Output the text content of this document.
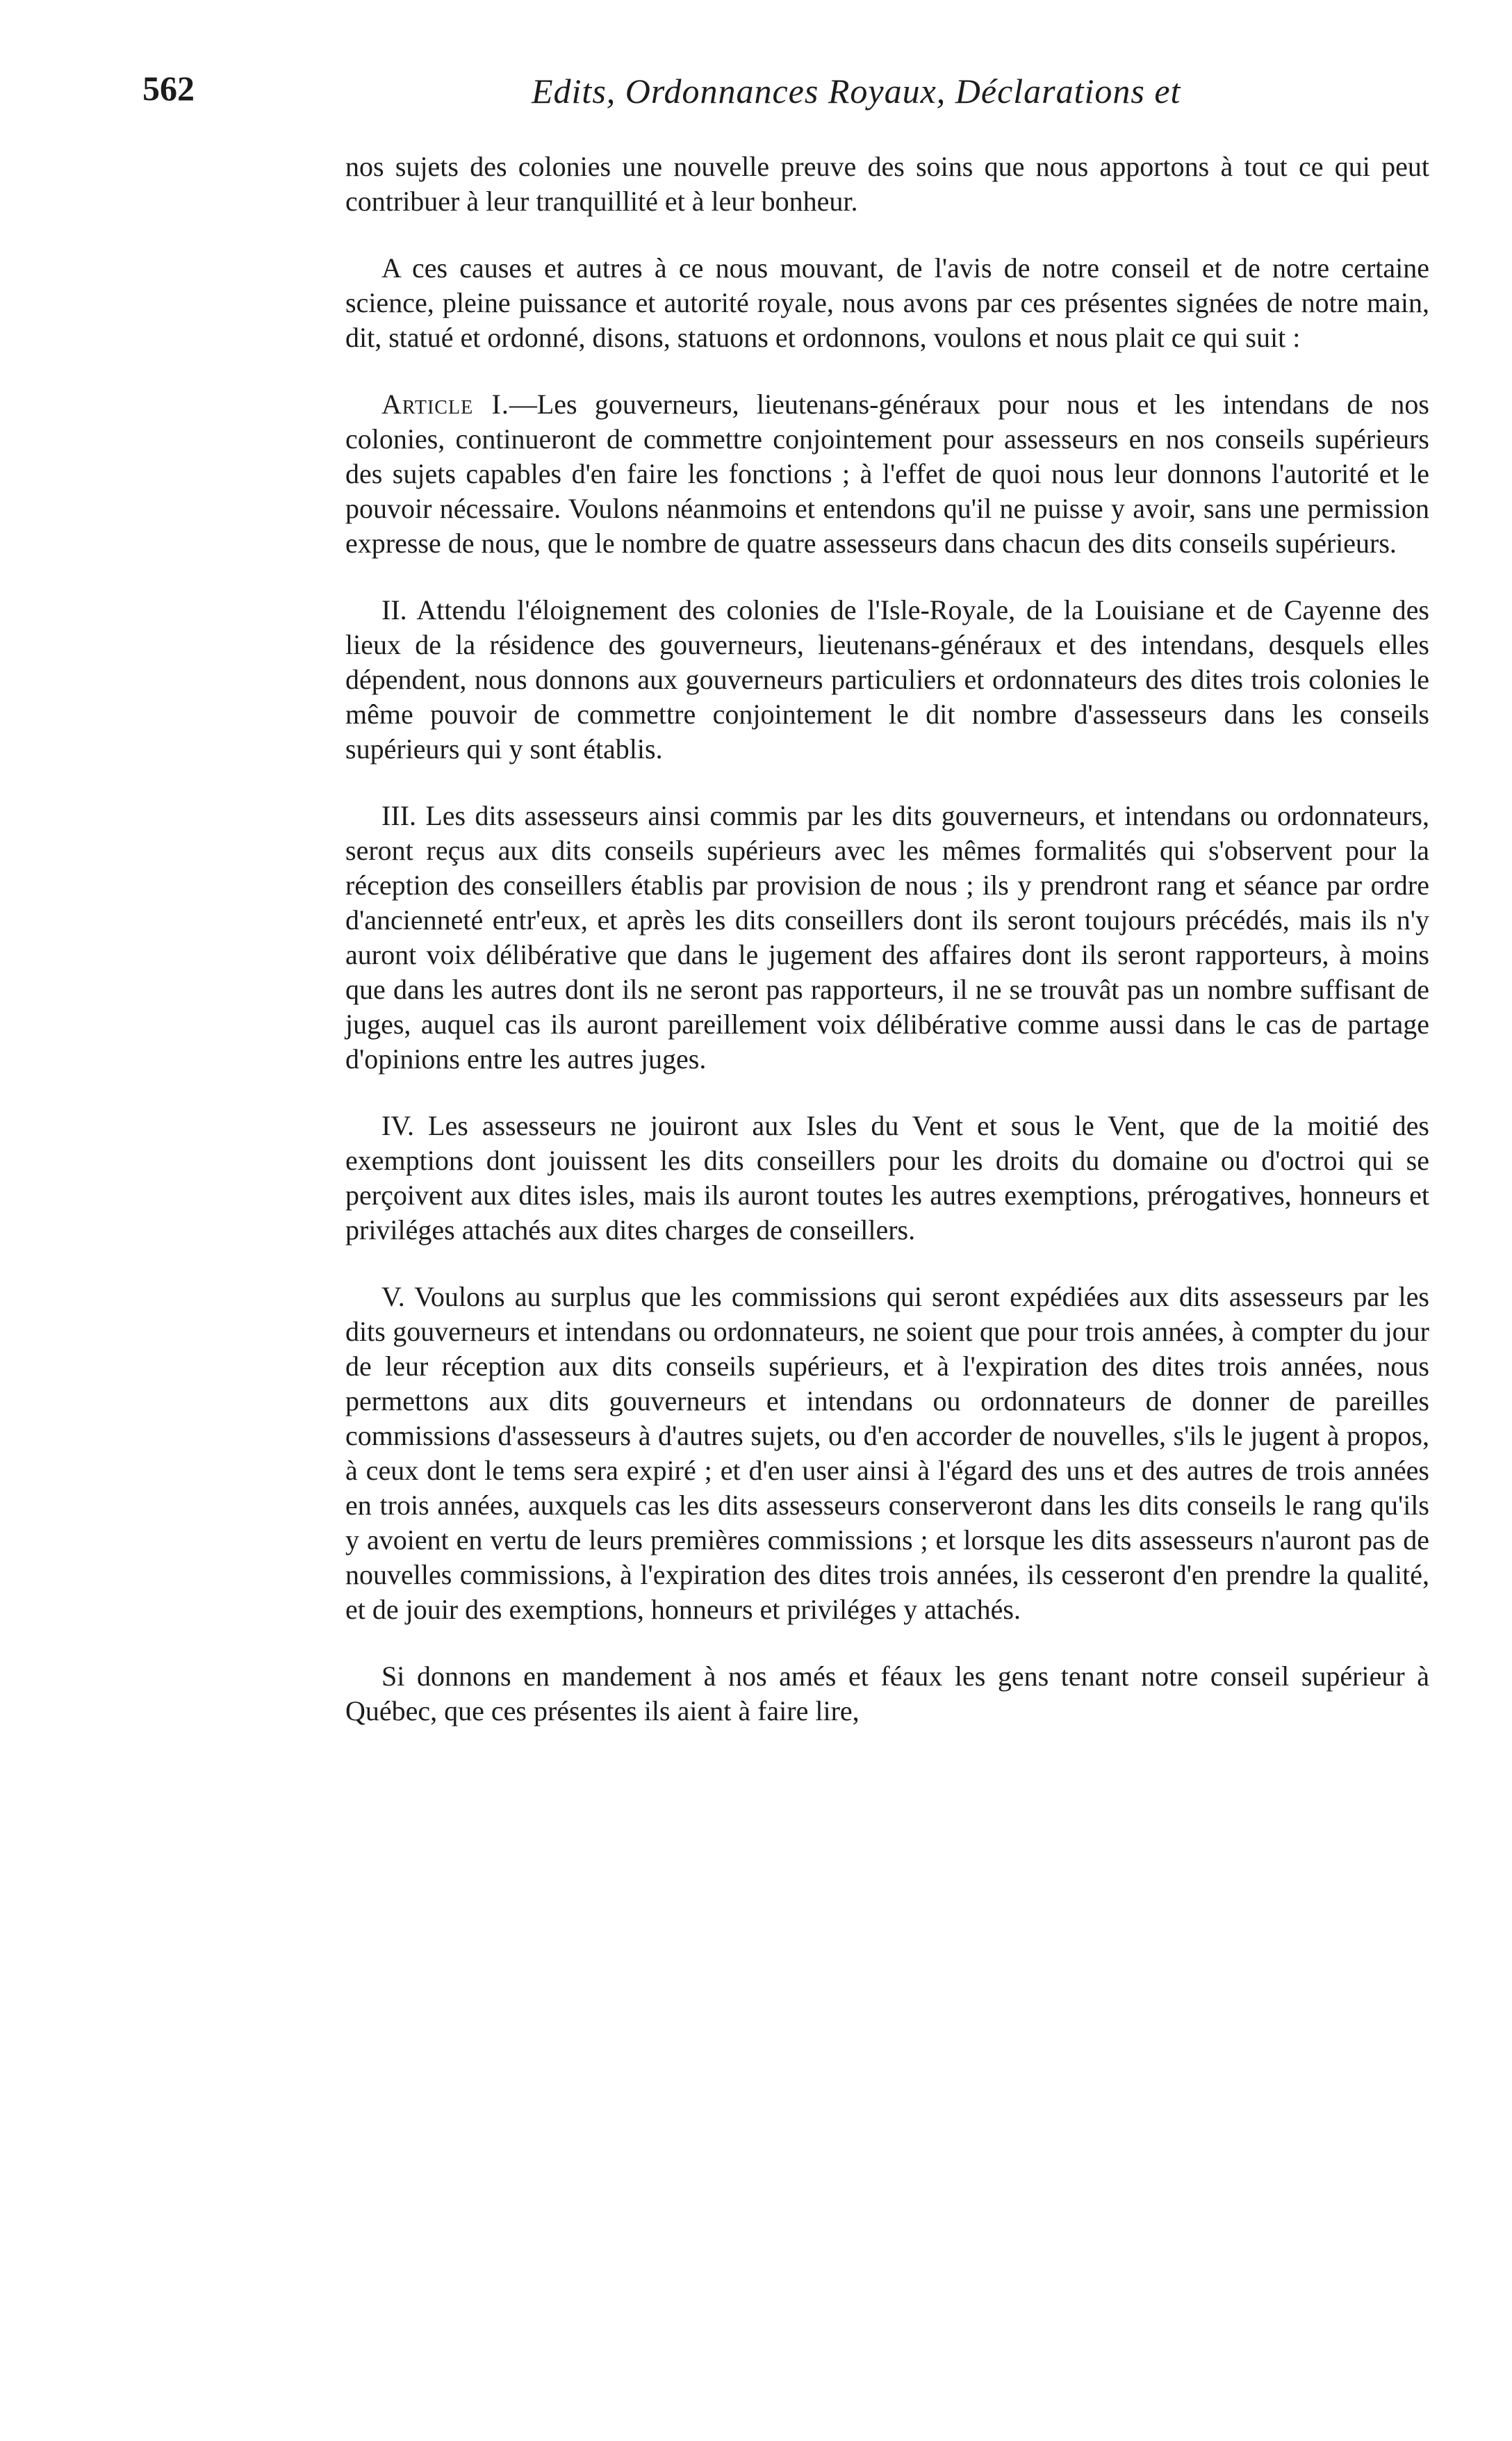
562	Edits, Ordonnances Royaux, Déclarations et

nos sujets des colonies une nouvelle preuve des soins que nous apportons à tout ce qui peut contribuer à leur tranquillité et à leur bonheur.

A ces causes et autres à ce nous mouvant, de l'avis de notre conseil et de notre certaine science, pleine puissance et autorité royale, nous avons par ces présentes signées de notre main, dit, statué et ordonné, disons, statuons et ordonnons, voulons et nous plait ce qui suit :

Article I.—Les gouverneurs, lieutenans-généraux pour nous et les intendans de nos colonies, continueront de commettre conjointement pour assesseurs en nos conseils supérieurs des sujets capables d'en faire les fonctions ; à l'effet de quoi nous leur donnons l'autorité et le pouvoir nécessaire. Voulons néanmoins et entendons qu'il ne puisse y avoir, sans une permission expresse de nous, que le nombre de quatre assesseurs dans chacun des dits conseils supérieurs.

II. Attendu l'éloignement des colonies de l'Isle-Royale, de la Louisiane et de Cayenne des lieux de la résidence des gouverneurs, lieutenans-généraux et des intendans, desquels elles dépendent, nous donnons aux gouverneurs particuliers et ordonnateurs des dites trois colonies le même pouvoir de commettre conjointement le dit nombre d'assesseurs dans les conseils supérieurs qui y sont établis.

III. Les dits assesseurs ainsi commis par les dits gouverneurs, et intendans ou ordonnateurs, seront reçus aux dits conseils supérieurs avec les mêmes formalités qui s'observent pour la réception des conseillers établis par provision de nous ; ils y prendront rang et séance par ordre d'ancienneté entr'eux, et après les dits conseillers dont ils seront toujours précédés, mais ils n'y auront voix délibérative que dans le jugement des affaires dont ils seront rapporteurs, à moins que dans les autres dont ils ne seront pas rapporteurs, il ne se trouvât pas un nombre suffisant de juges, auquel cas ils auront pareillement voix délibérative comme aussi dans le cas de partage d'opinions entre les autres juges.

IV. Les assesseurs ne jouiront aux Isles du Vent et sous le Vent, que de la moitié des exemptions dont jouissent les dits conseillers pour les droits du domaine ou d'octroi qui se perçoivent aux dites isles, mais ils auront toutes les autres exemptions, prérogatives, honneurs et priviléges attachés aux dites charges de conseillers.

V. Voulons au surplus que les commissions qui seront expédiées aux dits assesseurs par les dits gouverneurs et intendans ou ordonnateurs, ne soient que pour trois années, à compter du jour de leur réception aux dits conseils supérieurs, et à l'expiration des dites trois années, nous permettons aux dits gouverneurs et intendans ou ordonnateurs de donner de pareilles commissions d'assesseurs à d'autres sujets, ou d'en accorder de nouvelles, s'ils le jugent à propos, à ceux dont le tems sera expiré ; et d'en user ainsi à l'égard des uns et des autres de trois années en trois années, auxquels cas les dits assesseurs conserveront dans les dits conseils le rang qu'ils y avoient en vertu de leurs premières commissions ; et lorsque les dits assesseurs n'auront pas de nouvelles commissions, à l'expiration des dites trois années, ils cesseront d'en prendre la qualité, et de jouir des exemptions, honneurs et priviléges y attachés.

Si donnons en mandement à nos amés et féaux les gens tenant notre conseil supérieur à Québec, que ces présentes ils aient à faire lire,
